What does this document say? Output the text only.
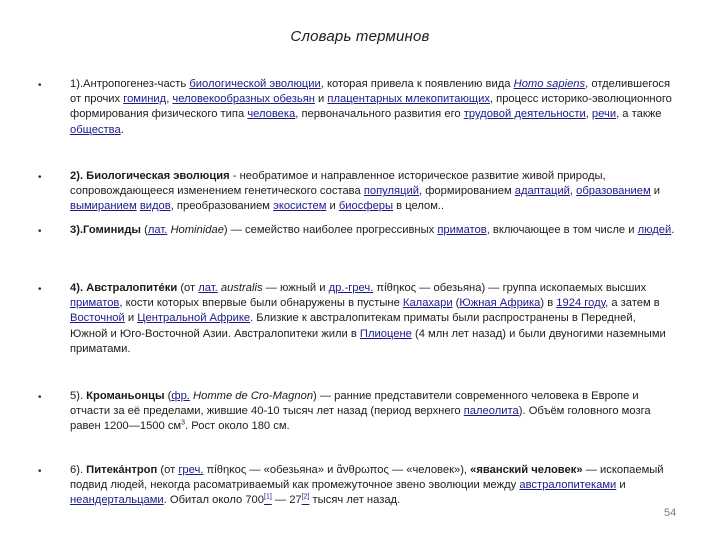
Словарь терминов
•	1).Антропогенез-часть биологической эволюции, которая привела к появлению вида Homo sapiens, отделившегося от прочих гоминид, человекообразных обезьян и плацентарных млекопитающих, процесс историко-эволюционного формирования физического типа человека, первоначального развития его трудовой деятельности, речи, а также общества.

•	2). Биологическая эволюция - необратимое и направленное историческое развитие живой природы, сопровождающееся изменением генетического состава популяций, формированием адаптаций, образованием и вымиранием видов, преобразованием экосистем и биосферы в целом..

•	3).Гоминиды (лат. Hominidae) — семейство наиболее прогрессивных приматов, включающее в том числе и людей.

•	4). Австралопите́ки (от лат. australis — южный и др.-греч. πίθηκος — обезьяна) — группа ископаемых высших приматов, кости которых впервые были обнаружены в пустыне Калахари (Южная Африка) в 1924 году, а затем в Восточной и Центральной Африке. Близкие к австралопитекам приматы были распространены в Передней, Южной и Юго-Восточной Азии. Австралопитеки жили в Плиоцене (4 млн лет назад) и были двуногими наземными приматами.

•	5). Кроманьонцы (фр. Homme de Cro-Magnon) — ранние представители современного человека в Европе и отчасти за её пределами, жившие 40-10 тысяч лет назад (период верхнего палеолита). Объём головного мозга равен 1200—1500 $см^3$. Рост около 180 см.

•	6). Питека́нтроп (от греч. πίθηκος — «обезьяна» и ἄνθρωπος — «человек»), «яванский человек» — ископаемый подвид людей, некогда расоматриваемый как промежуточное звено эволюции между австралопитеками и неандертальцами. Обитал около 700[1] — 27[2] тысяч лет назад.

54
